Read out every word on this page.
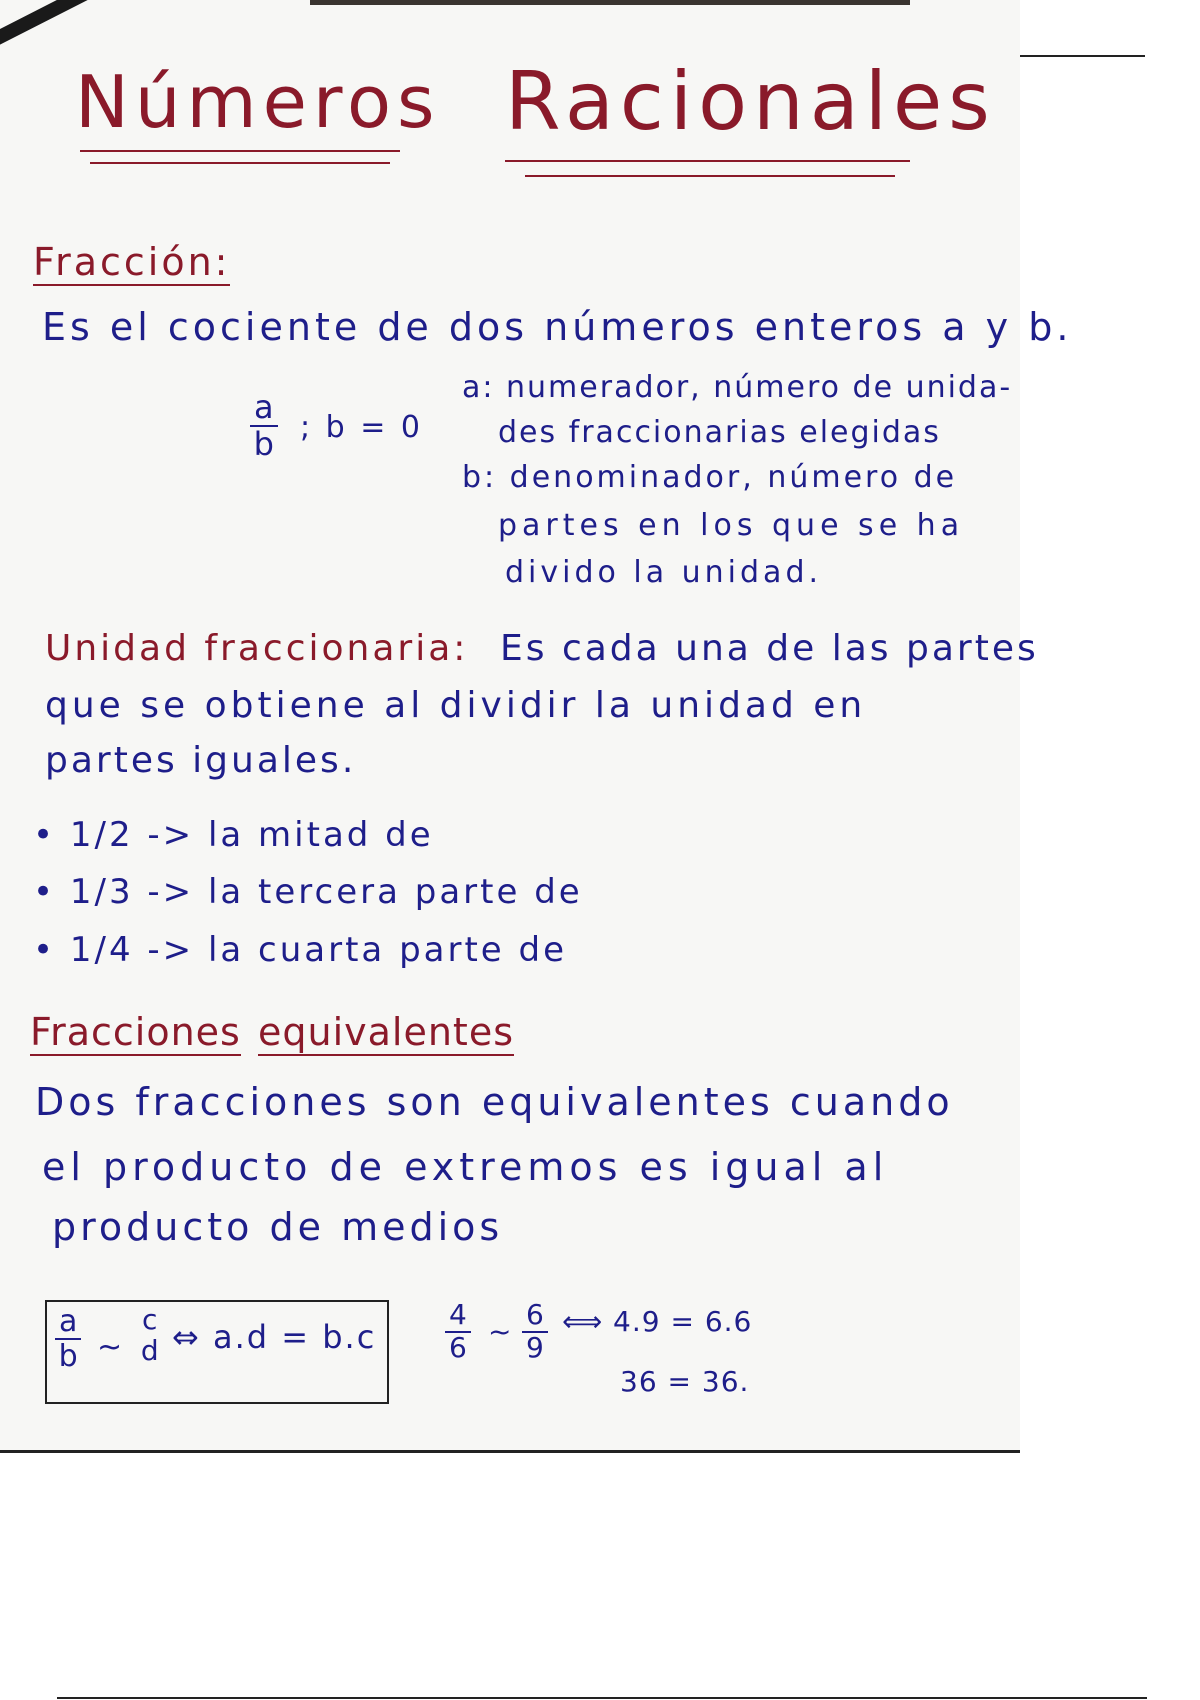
Números Racionales
Fracción:
Es el cociente de dos números enteros a y b.
$\frac{a}{b}$ ; b = 0
a: numerador, número de unida-
des fraccionarias elegidas
b: denominador, número de
partes en los que se ha
divido la unidad.
Unidad fraccionaria: Es cada una de las partes
que se obtiene al dividir la unidad en
partes iguales.
• 1/2 -> la mitad de
• 1/3 -> la tercera parte de
• 1/4 -> la cuarta parte de
Fracciones equivalentes
Dos fracciones son equivalentes cuando
el producto de extremos es igual al
producto de medios
$\frac{a}{b}$ ~
c
d ⇔ $a.d = b.c \frac{4}{6}$ ~ $\frac{6}{9}$ ⟺ 4.9 = 6.6
36 = 36.
